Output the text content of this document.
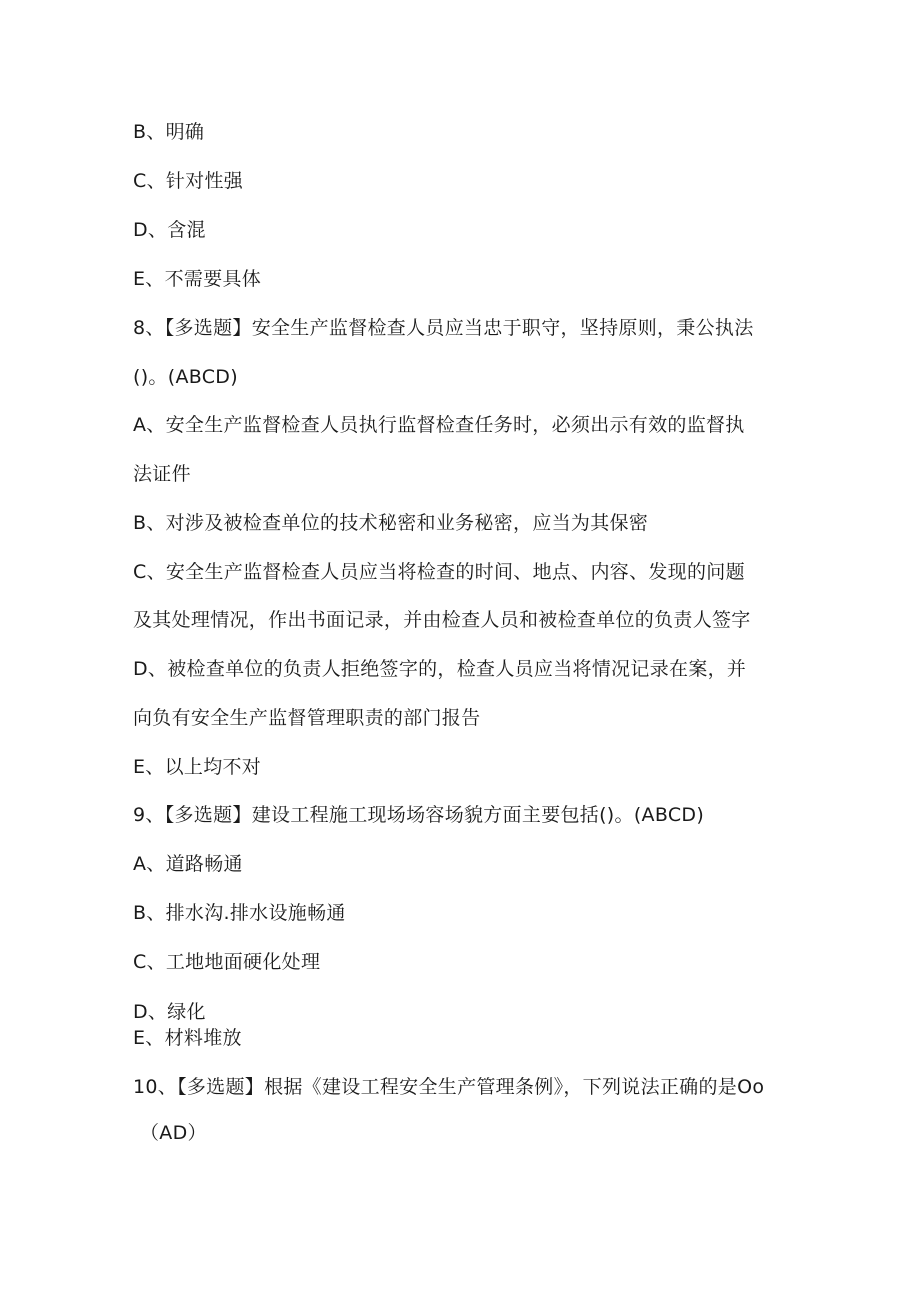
B、明确
C、针对性强
D、含混
E、不需要具体
8、【多选题】安全生产监督检查人员应当忠于职守，坚持原则，秉公执法
()。(ABCD)
A、安全生产监督检查人员执行监督检查任务时，必须出示有效的监督执
法证件
B、对涉及被检查单位的技术秘密和业务秘密，应当为其保密
C、安全生产监督检查人员应当将检查的时间、地点、内容、发现的问题
及其处理情况，作出书面记录，并由检查人员和被检查单位的负责人签字
D、被检查单位的负责人拒绝签字的，检查人员应当将情况记录在案，并
向负有安全生产监督管理职责的部门报告
E、以上均不对
9、【多选题】建设工程施工现场场容场貌方面主要包括()。(ABCD)
A、道路畅通
B、排水沟.排水设施畅通
C、工地地面硬化处理
D、绿化
E、材料堆放
10、【多选题】根据《建设工程安全生产管理条例》，下列说法正确的是Oo
（AD）
